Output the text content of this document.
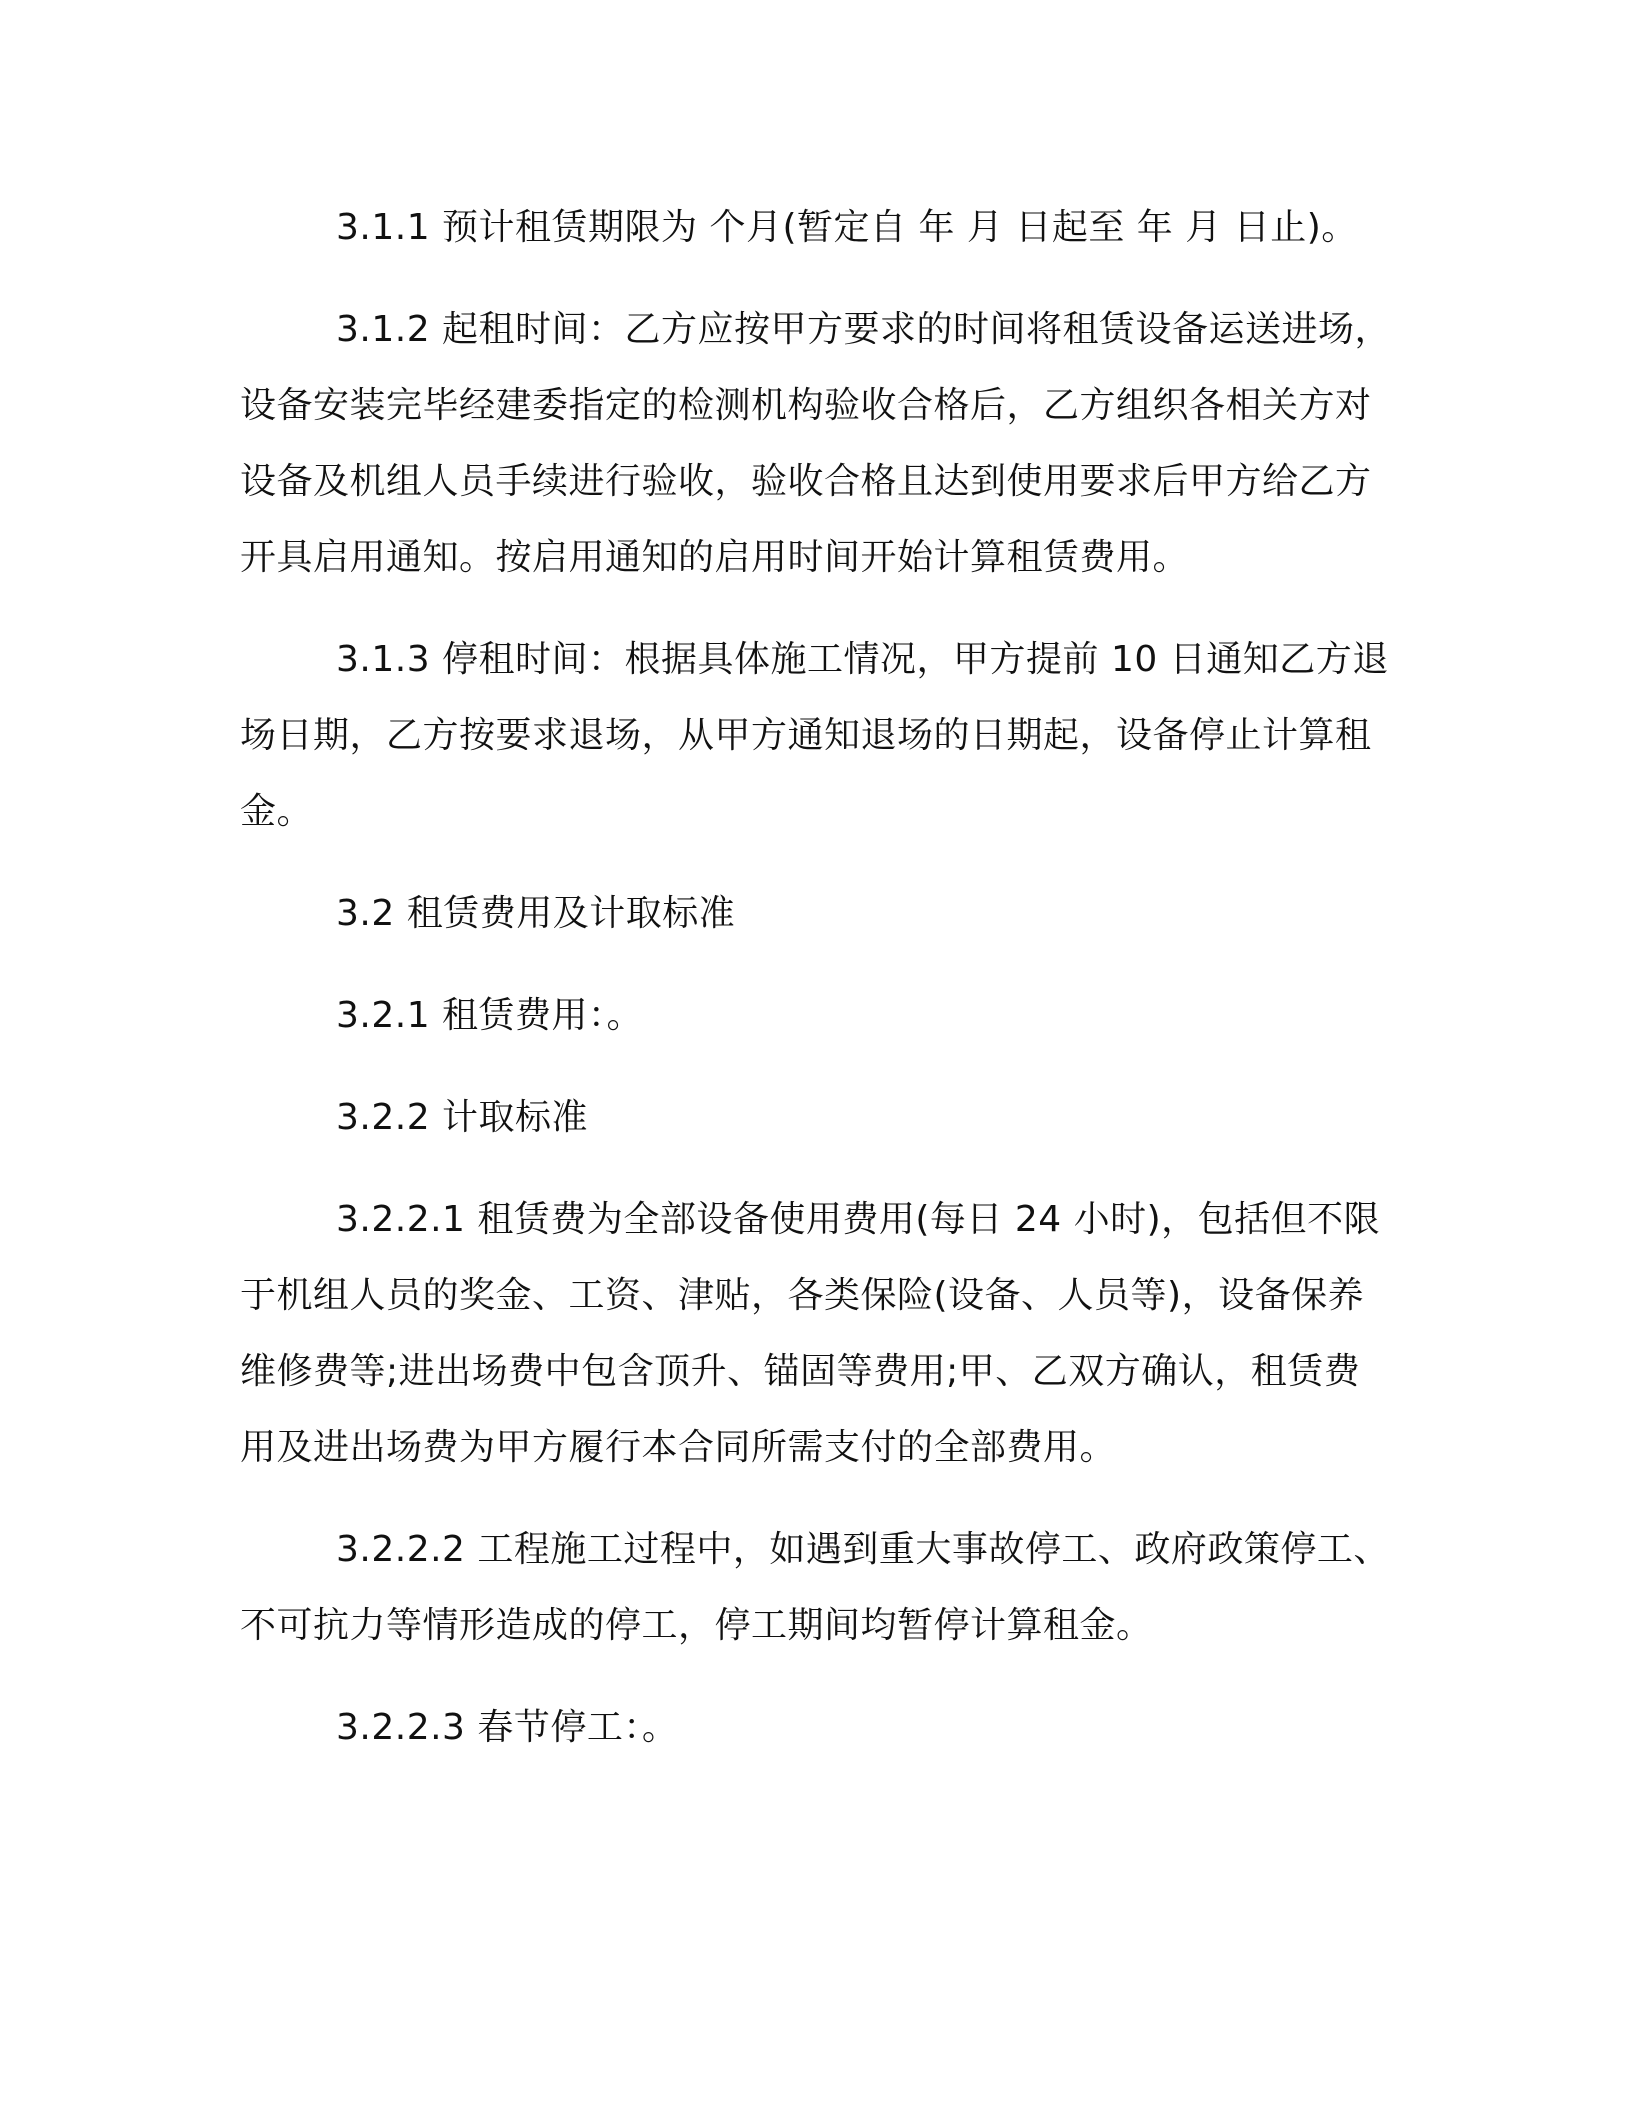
3.1.1 预计租赁期限为 个月(暂定自 年 月 日起至 年 月 日止)。

3.1.2 起租时间：乙方应按甲方要求的时间将租赁设备运送进场，设备安装完毕经建委指定的检测机构验收合格后，乙方组织各相关方对设备及机组人员手续进行验收，验收合格且达到使用要求后甲方给乙方开具启用通知。按启用通知的启用时间开始计算租赁费用。

3.1.3 停租时间：根据具体施工情况，甲方提前 10 日通知乙方退场日期，乙方按要求退场，从甲方通知退场的日期起，设备停止计算租金。

3.2 租赁费用及计取标准

3.2.1 租赁费用：。

3.2.2 计取标准

3.2.2.1 租赁费为全部设备使用费用(每日 24 小时)，包括但不限于机组人员的奖金、工资、津贴，各类保险(设备、人员等)，设备保养维修费等;进出场费中包含顶升、锚固等费用;甲、乙双方确认，租赁费用及进出场费为甲方履行本合同所需支付的全部费用。

3.2.2.2 工程施工过程中，如遇到重大事故停工、政府政策停工、不可抗力等情形造成的停工，停工期间均暂停计算租金。

3.2.2.3 春节停工：。
